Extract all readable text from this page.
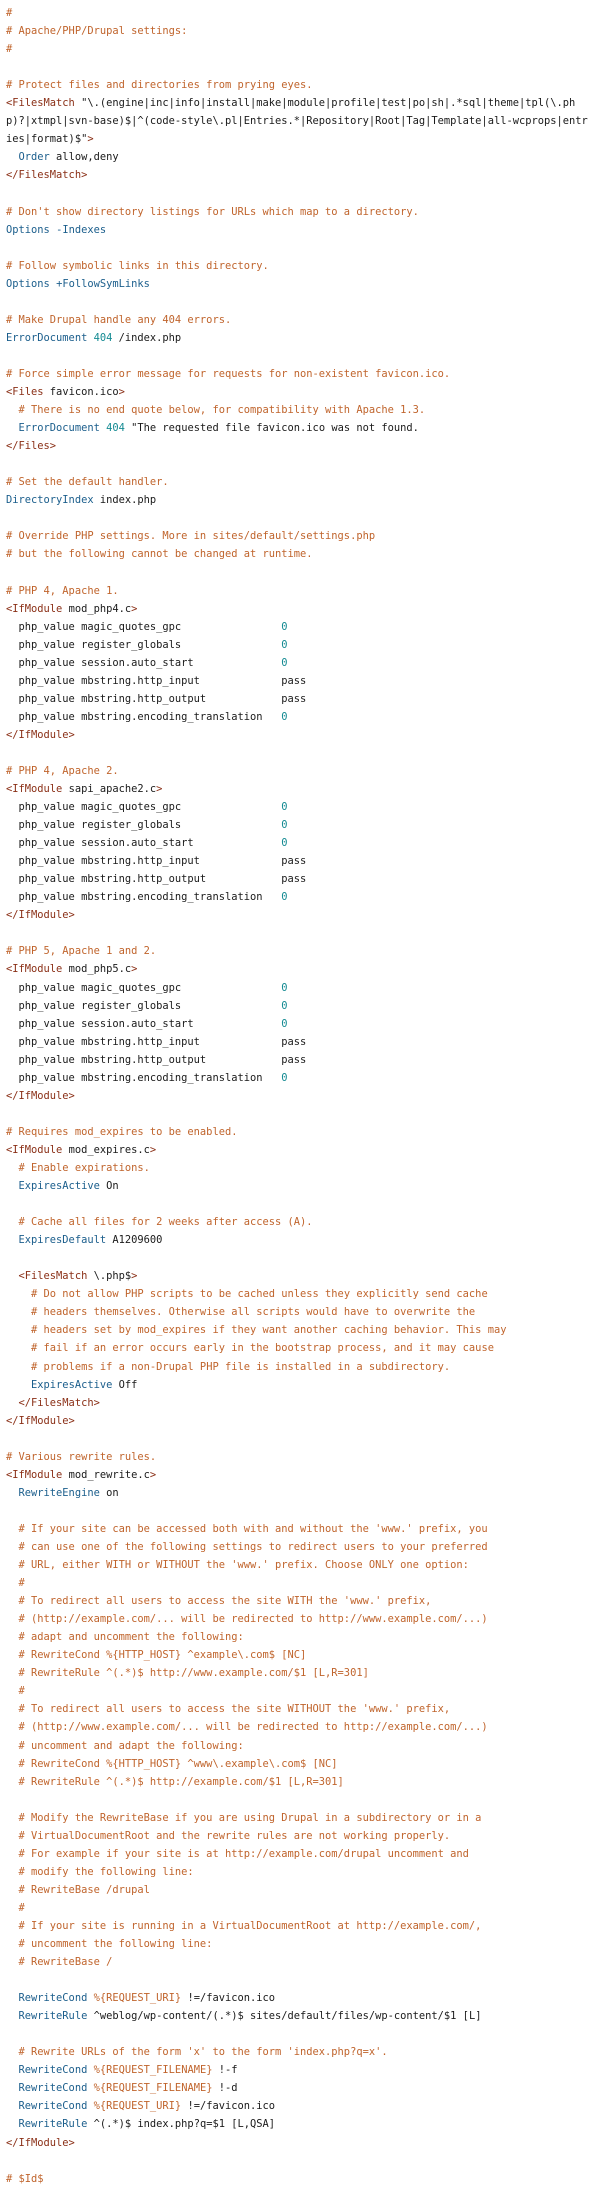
#
# Apache/PHP/Drupal settings:
#
# Protect files and directories from prying eyes.
<FilesMatch "\.(engine|inc|info|install|make|module|profile|test|po|sh|.*sql|theme|tpl(\.php)?|xtmpl|svn-base)$|^(code-style\.pl|Entries.*|Repository|Root|Tag|Template|all-wcprops|entries|format)$">
Order allow,deny
</FilesMatch>
# Don't show directory listings for URLs which map to a directory.
Options -Indexes
# Follow symbolic links in this directory.
Options +FollowSymLinks
# Make Drupal handle any 404 errors.
ErrorDocument 404 /index.php
# Force simple error message for requests for non-existent favicon.ico.
<Files favicon.ico>
# There is no end quote below, for compatibility with Apache 1.3.
ErrorDocument 404 "The requested file favicon.ico was not found.
</Files>
# Set the default handler.
DirectoryIndex index.php
# Override PHP settings. More in sites/default/settings.php
# but the following cannot be changed at runtime.
# PHP 4, Apache 1.
<IfModule mod_php4.c>
php_value magic_quotes_gpc                0
php_value register_globals                0
php_value session.auto_start              0
php_value mbstring.http_input             pass
php_value mbstring.http_output            pass
php_value mbstring.encoding_translation   0
</IfModule>
# PHP 4, Apache 2.
<IfModule sapi_apache2.c>
php_value magic_quotes_gpc                0
php_value register_globals                0
php_value session.auto_start              0
php_value mbstring.http_input             pass
php_value mbstring.http_output            pass
php_value mbstring.encoding_translation   0
</IfModule>
# PHP 5, Apache 1 and 2.
<IfModule mod_php5.c>
php_value magic_quotes_gpc                0
php_value register_globals                0
php_value session.auto_start              0
php_value mbstring.http_input             pass
php_value mbstring.http_output            pass
php_value mbstring.encoding_translation   0
</IfModule>
# Requires mod_expires to be enabled.
<IfModule mod_expires.c>
# Enable expirations.
ExpiresActive On
# Cache all files for 2 weeks after access (A).
ExpiresDefault A1209600
<FilesMatch \.php$>
# Do not allow PHP scripts to be cached unless they explicitly send cache
# headers themselves. Otherwise all scripts would have to overwrite the
# headers set by mod_expires if they want another caching behavior. This may
# fail if an error occurs early in the bootstrap process, and it may cause
# problems if a non-Drupal PHP file is installed in a subdirectory.
ExpiresActive Off
</FilesMatch>
</IfModule>
# Various rewrite rules.
<IfModule mod_rewrite.c>
RewriteEngine on
# If your site can be accessed both with and without the 'www.' prefix, you
# can use one of the following settings to redirect users to your preferred
# URL, either WITH or WITHOUT the 'www.' prefix. Choose ONLY one option:
#
# To redirect all users to access the site WITH the 'www.' prefix,
# (http://example.com/... will be redirected to http://www.example.com/...)
# adapt and uncomment the following:
# RewriteCond %{HTTP_HOST} ^example\.com$ [NC]
# RewriteRule ^(.*)$ http://www.example.com/$1 [L,R=301]
#
# To redirect all users to access the site WITHOUT the 'www.' prefix,
# (http://www.example.com/... will be redirected to http://example.com/...)
# uncomment and adapt the following:
# RewriteCond %{HTTP_HOST} ^www\.example\.com$ [NC]
# RewriteRule ^(.*)$ http://example.com/$1 [L,R=301]
# Modify the RewriteBase if you are using Drupal in a subdirectory or in a
# VirtualDocumentRoot and the rewrite rules are not working properly.
# For example if your site is at http://example.com/drupal uncomment and
# modify the following line:
# RewriteBase /drupal
#
# If your site is running in a VirtualDocumentRoot at http://example.com/,
# uncomment the following line:
# RewriteBase /
RewriteCond %{REQUEST_URI} !=/favicon.ico
RewriteRule ^weblog/wp-content/(.*)$ sites/default/files/wp-content/$1 [L]
# Rewrite URLs of the form 'x' to the form 'index.php?q=x'.
RewriteCond %{REQUEST_FILENAME} !-f
RewriteCond %{REQUEST_FILENAME} !-d
RewriteCond %{REQUEST_URI} !=/favicon.ico
RewriteRule ^(.*)$ index.php?q=$1 [L,QSA]
</IfModule>
# $Id$
